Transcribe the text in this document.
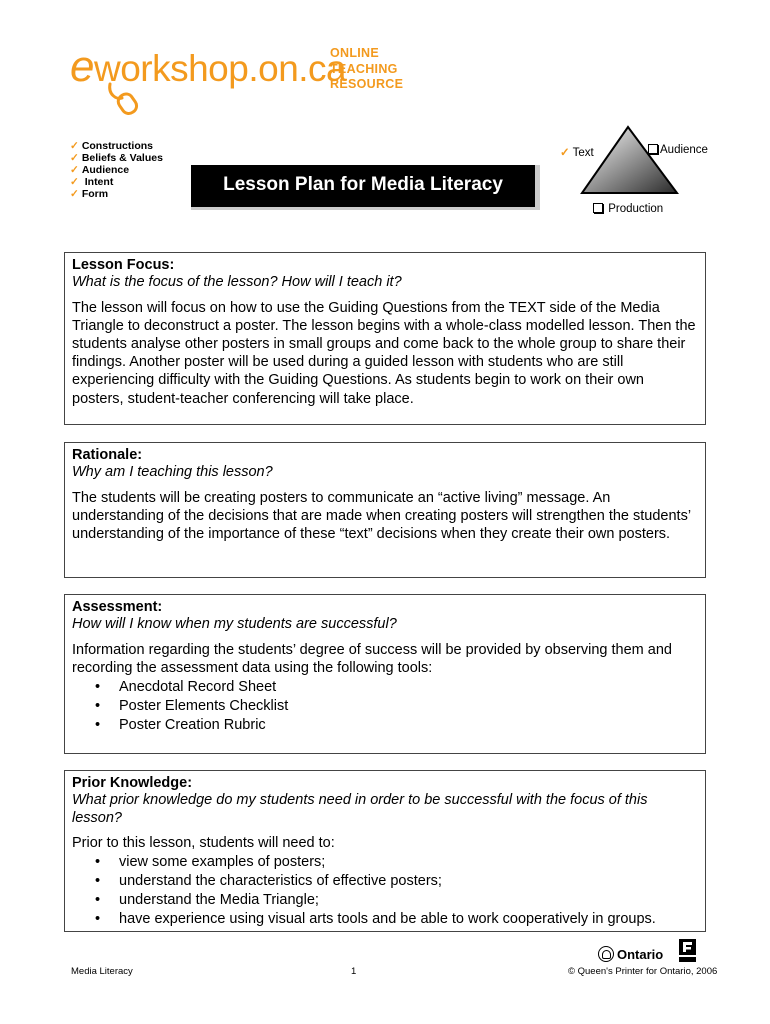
eworkshop.on.ca
ONLINE
TEACHING
RESOURCE
✓ Constructions
✓ Beliefs & Values
✓ Audience
✓ Intent
✓ Form	Lesson Plan for Media Literacy
✓ Text	Audience
Production
Lesson Focus:
What is the focus of the lesson? How will I teach it?
The lesson will focus on how to use the Guiding Questions from the TEXT side of the Media Triangle to deconstruct a poster. The lesson begins with a whole-class modelled lesson. Then the students analyse other posters in small groups and come back to the whole group to share their findings. Another poster will be used during a guided lesson with students who are still experiencing difficulty with the Guiding Questions. As students begin to work on their own posters, student-teacher conferencing will take place.
Rationale:
Why am I teaching this lesson?
The students will be creating posters to communicate an “active living” message. An understanding of the decisions that are made when creating posters will strengthen the students’ understanding of the importance of these “text” decisions when they create their own posters.
Assessment:
How will I know when my students are successful?
Information regarding the students’ degree of success will be provided by observing them and recording the assessment data using the following tools:
• Anecdotal Record Sheet
• Poster Elements Checklist
• Poster Creation Rubric
Prior Knowledge:
What prior knowledge do my students need in order to be successful with the focus of this lesson?
Prior to this lesson, students will need to:
• view some examples of posters;
• understand the characteristics of effective posters;
• understand the Media Triangle;
• have experience using visual arts tools and be able to work cooperatively in groups.
Ontario
Media Literacy	1	© Queen's Printer for Ontario, 2006
